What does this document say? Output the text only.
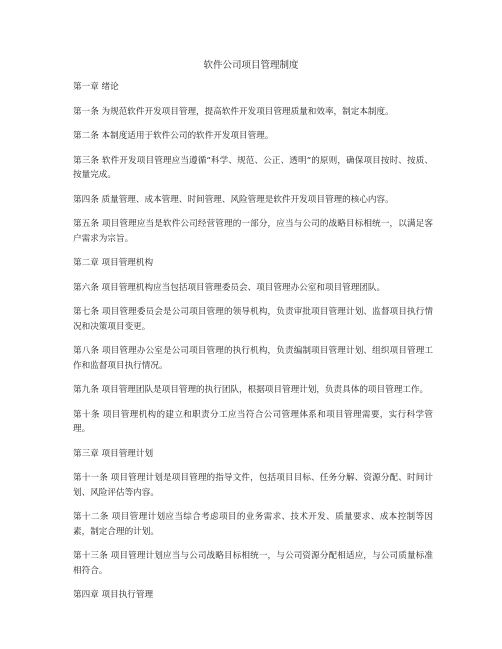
软件公司项目管理制度

第一章 绪论

第一条 为规范软件开发项目管理，提高软件开发项目管理质量和效率，制定本制度。

第二条 本制度适用于软件公司的软件开发项目管理。

第三条 软件开发项目管理应当遵循“科学、规范、公正、透明”的原则，确保项目按时、按质、按量完成。

第四条 质量管理、成本管理、时间管理、风险管理是软件开发项目管理的核心内容。

第五条 项目管理应当是软件公司经营管理的一部分，应当与公司的战略目标相统一，以满足客户需求为宗旨。

第二章 项目管理机构

第六条 项目管理机构应当包括项目管理委员会、项目管理办公室和项目管理团队。

第七条 项目管理委员会是公司项目管理的领导机构，负责审批项目管理计划、监督项目执行情况和决策项目变更。

第八条 项目管理办公室是公司项目管理的执行机构，负责编制项目管理计划、组织项目管理工作和监督项目执行情况。

第九条 项目管理团队是项目管理的执行团队，根据项目管理计划，负责具体的项目管理工作。

第十条 项目管理机构的建立和职责分工应当符合公司管理体系和项目管理需要，实行科学管理。

第三章 项目管理计划

第十一条 项目管理计划是项目管理的指导文件，包括项目目标、任务分解、资源分配、时间计划、风险评估等内容。

第十二条 项目管理计划应当综合考虑项目的业务需求、技术开发、质量要求、成本控制等因素，制定合理的计划。

第十三条 项目管理计划应当与公司战略目标相统一，与公司资源分配相适应，与公司质量标准相符合。

第四章 项目执行管理
